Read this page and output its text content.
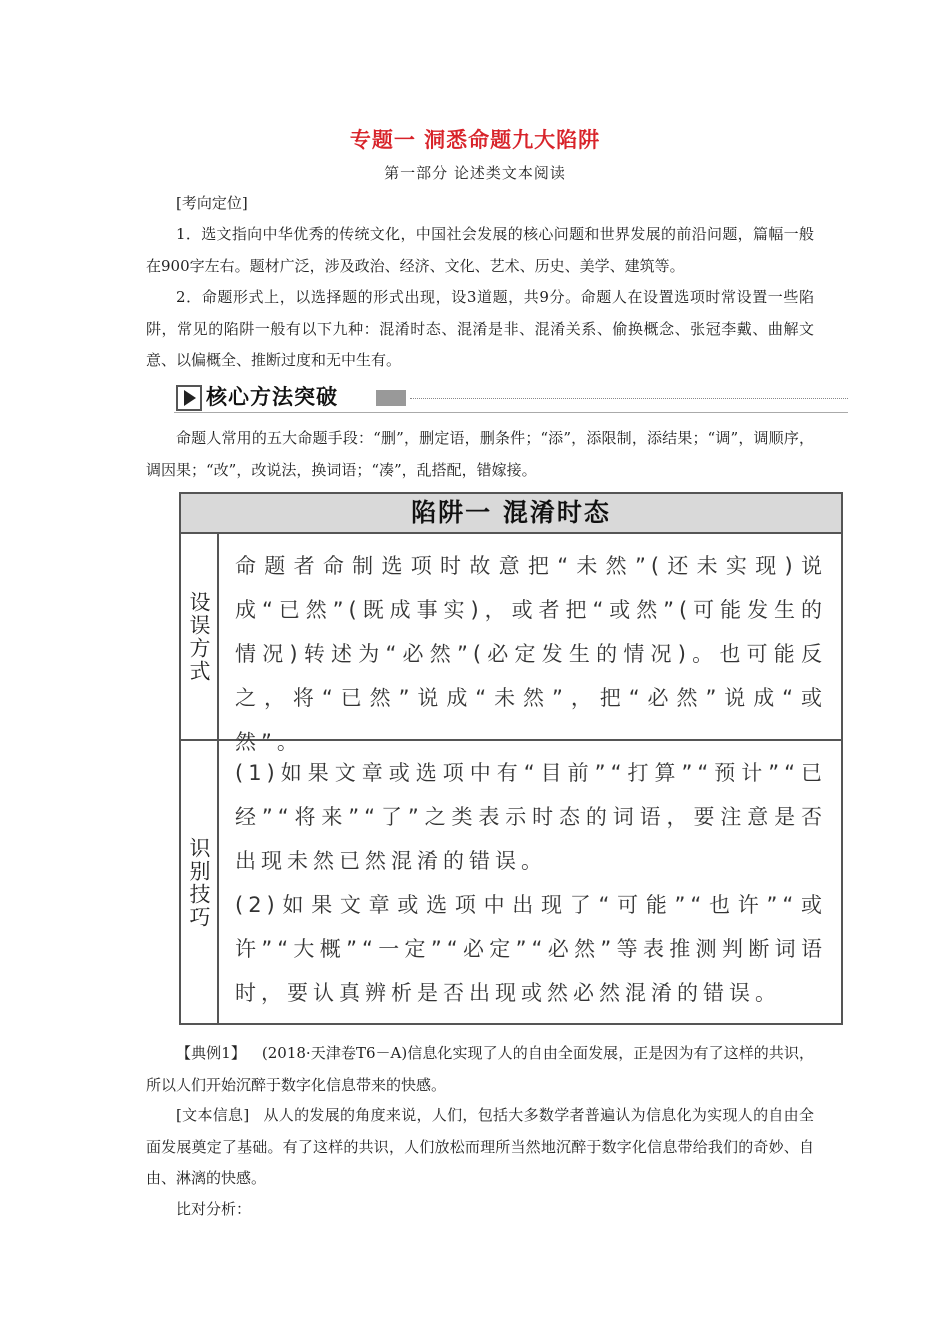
专题一 洞悉命题九大陷阱
第一部分 论述类文本阅读
[考向定位]
1．选文指向中华优秀的传统文化，中国社会发展的核心问题和世界发展的前沿问题，篇幅一般在900字左右。题材广泛，涉及政治、经济、文化、艺术、历史、美学、建筑等。
2．命题形式上，以选择题的形式出现，设3道题，共9分。命题人在设置选项时常设置一些陷阱，常见的陷阱一般有以下九种：混淆时态、混淆是非、混淆关系、偷换概念、张冠李戴、曲解文意、以偏概全、推断过度和无中生有。
核心方法突破
命题人常用的五大命题手段：“删”，删定语，删条件；“添”，添限制，添结果；“调”，调顺序，调因果；“改”，改说法，换词语；“凑”，乱搭配，错嫁接。
陷阱一 混淆时态
设误方式
命题者命制选项时故意把“未然”(还未实现)说成“已然”(既成事实)，或者把“或然”(可能发生的情况)转述为“必然”(必定发生的情况)。也可能反之，将“已然”说成“未然”，把“必然”说成“或然”。
识别技巧
(1)如果文章或选项中有“目前”“打算”“预计”“已经”“将来”“了”之类表示时态的词语，要注意是否出现未然已然混淆的错误。
(2)如果文章或选项中出现了“可能”“也许”“或许”“大概”“一定”“必定”“必然”等表推测判断词语时，要认真辨析是否出现或然必然混淆的错误。
【典例1】 (2018·天津卷T6－A)信息化实现了人的自由全面发展，正是因为有了这样的共识，所以人们开始沉醉于数字化信息带来的快感。
[文本信息] 从人的发展的角度来说，人们，包括大多数学者普遍认为信息化为实现人的自由全面发展奠定了基础。有了这样的共识，人们放松而理所当然地沉醉于数字化信息带给我们的奇妙、自由、淋漓的快感。
比对分析：
